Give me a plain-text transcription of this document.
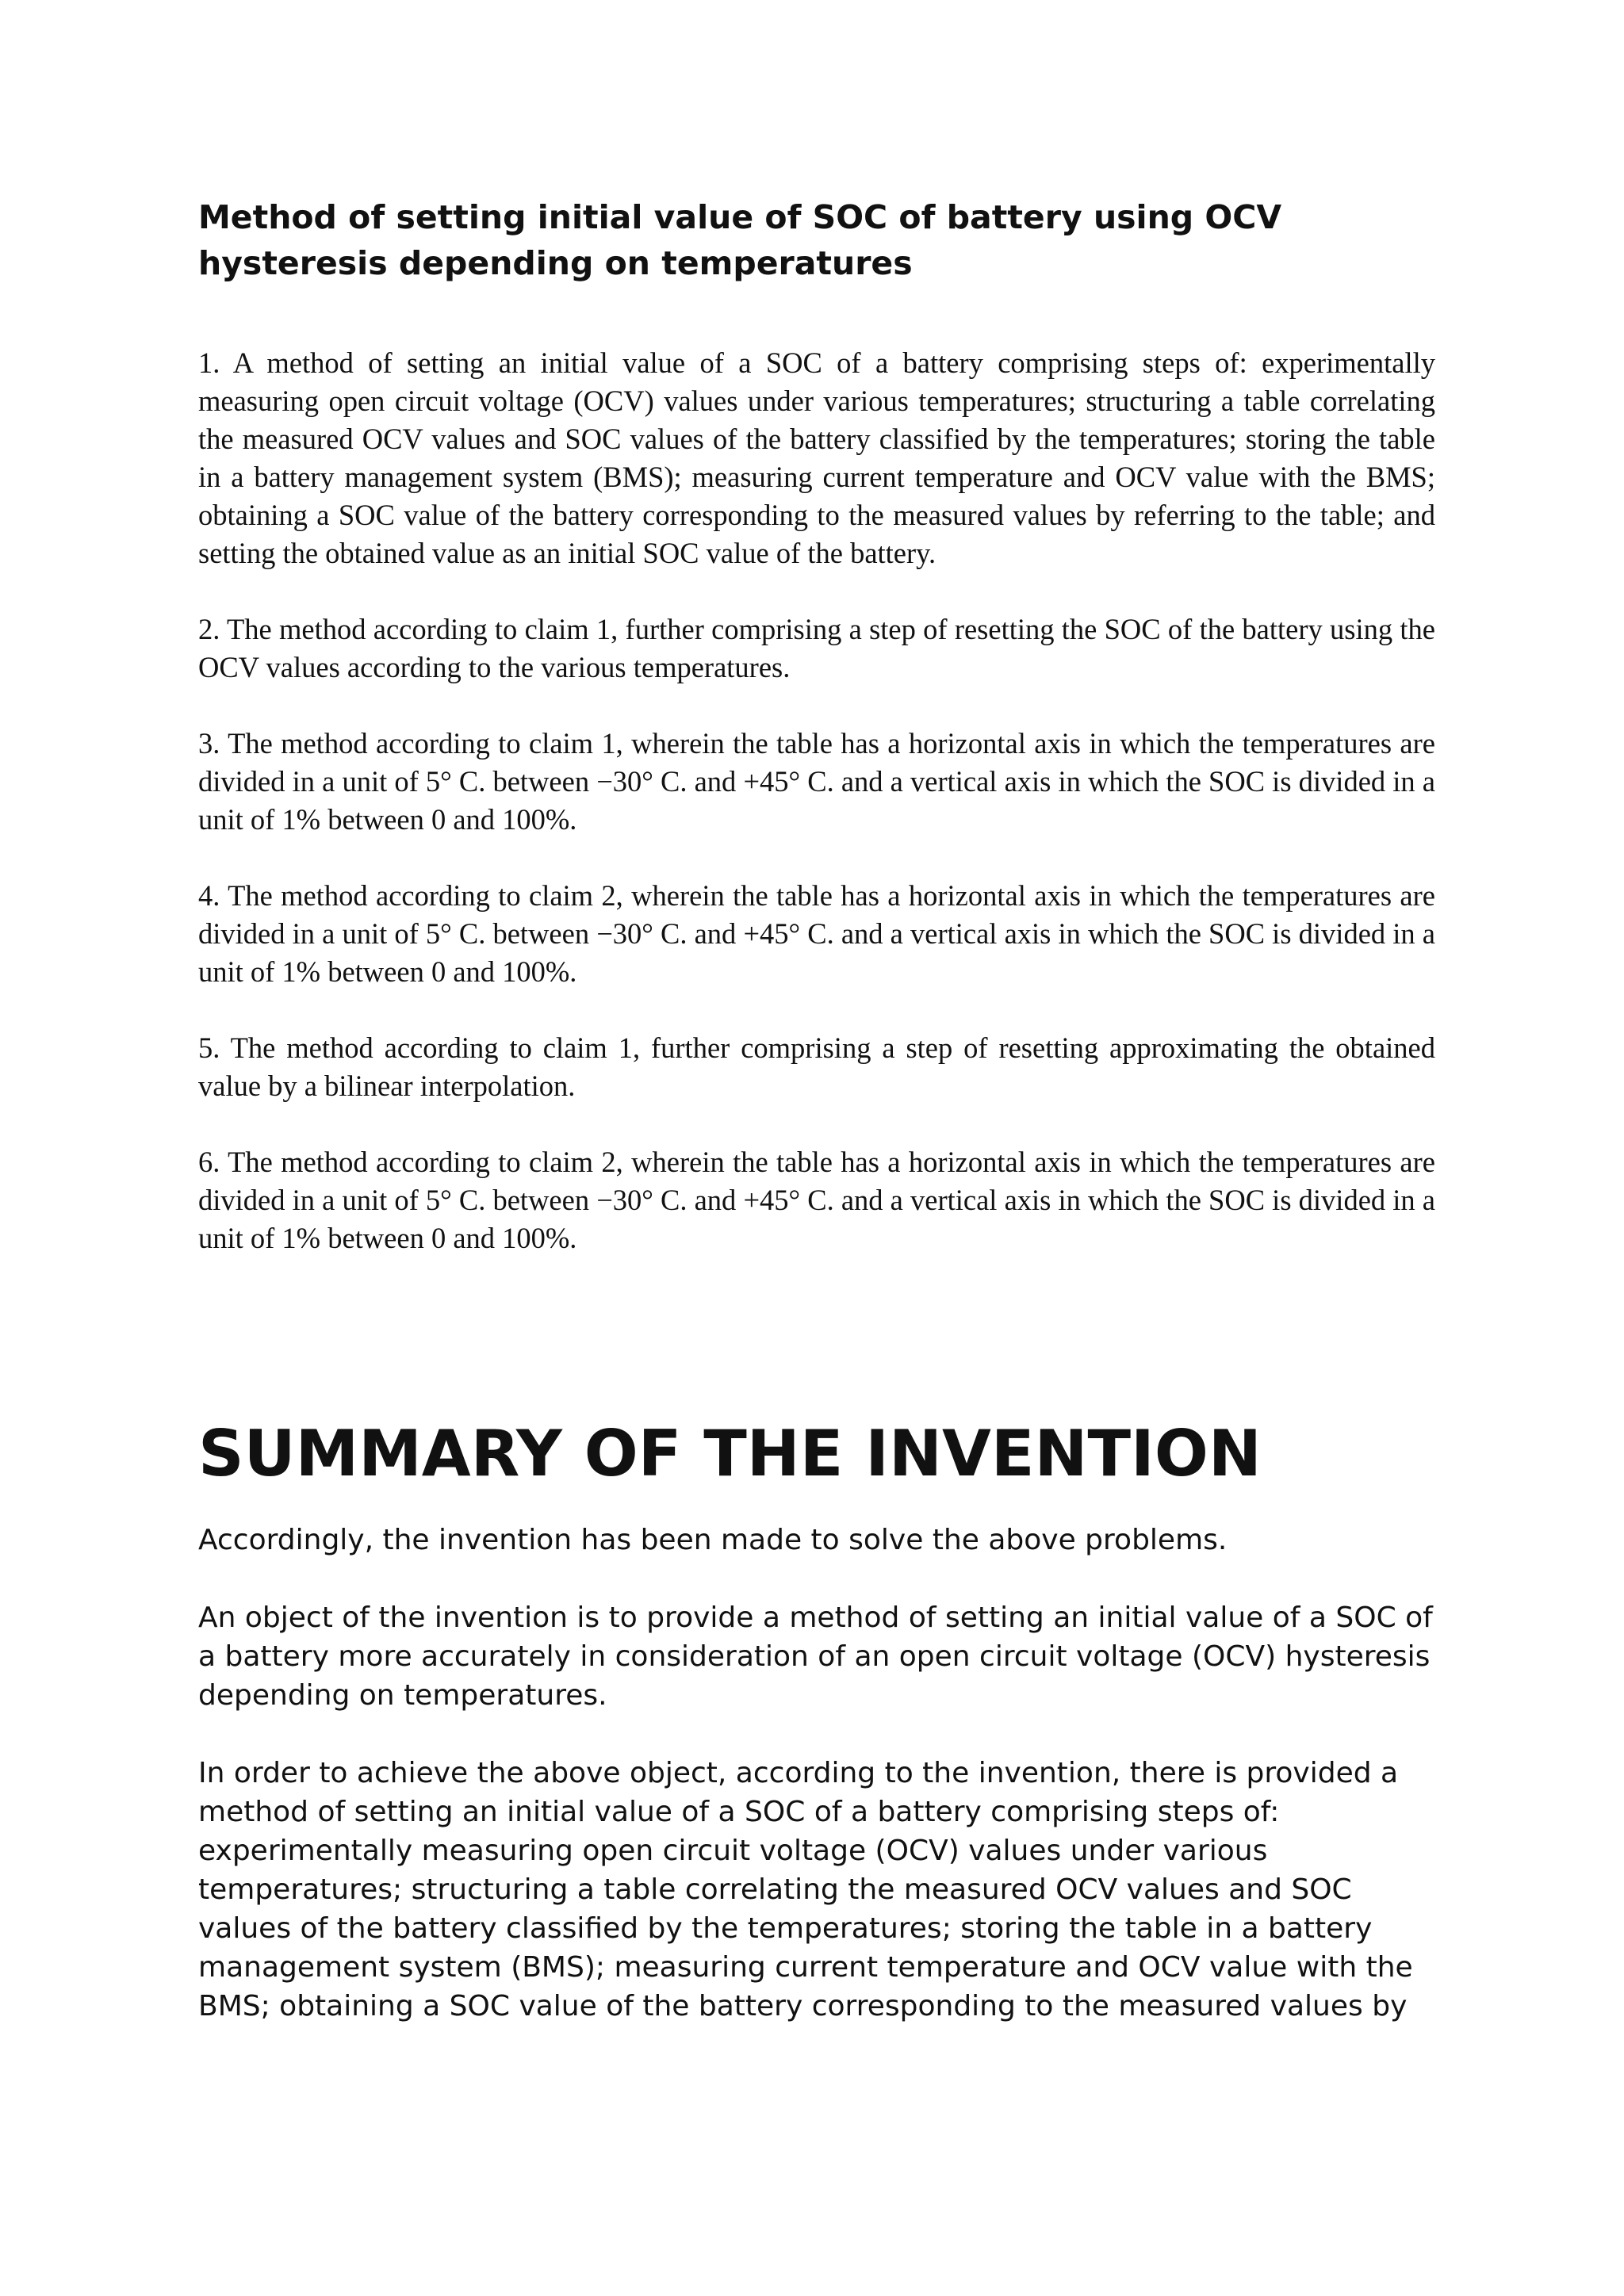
Method of setting initial value of SOC of battery using OCV hysteresis depending on temperatures

1. A method of setting an initial value of a SOC of a battery comprising steps of: experimentally measuring open circuit voltage (OCV) values under various temperatures; structuring a table correlating the measured OCV values and SOC values of the battery classified by the temperatures; storing the table in a battery management system (BMS); measuring current temperature and OCV value with the BMS; obtaining a SOC value of the battery corresponding to the measured values by referring to the table; and setting the obtained value as an initial SOC value of the battery.

2. The method according to claim 1, further comprising a step of resetting the SOC of the battery using the OCV values according to the various temperatures.

3. The method according to claim 1, wherein the table has a horizontal axis in which the temperatures are divided in a unit of 5° C. between −30° C. and +45° C. and a vertical axis in which the SOC is divided in a unit of 1% between 0 and 100%.

4. The method according to claim 2, wherein the table has a horizontal axis in which the temperatures are divided in a unit of 5° C. between −30° C. and +45° C. and a vertical axis in which the SOC is divided in a unit of 1% between 0 and 100%.

5. The method according to claim 1, further comprising a step of resetting approximating the obtained value by a bilinear interpolation.

6. The method according to claim 2, wherein the table has a horizontal axis in which the temperatures are divided in a unit of 5° C. between −30° C. and +45° C. and a vertical axis in which the SOC is divided in a unit of 1% between 0 and 100%.

SUMMARY OF THE INVENTION

Accordingly, the invention has been made to solve the above problems.

An object of the invention is to provide a method of setting an initial value of a SOC of a battery more accurately in consideration of an open circuit voltage (OCV) hysteresis depending on temperatures.

In order to achieve the above object, according to the invention, there is provided a method of setting an initial value of a SOC of a battery comprising steps of: experimentally measuring open circuit voltage (OCV) values under various temperatures; structuring a table correlating the measured OCV values and SOC values of the battery classified by the temperatures; storing the table in a battery management system (BMS); measuring current temperature and OCV value with the BMS; obtaining a SOC value of the battery corresponding to the measured values by
